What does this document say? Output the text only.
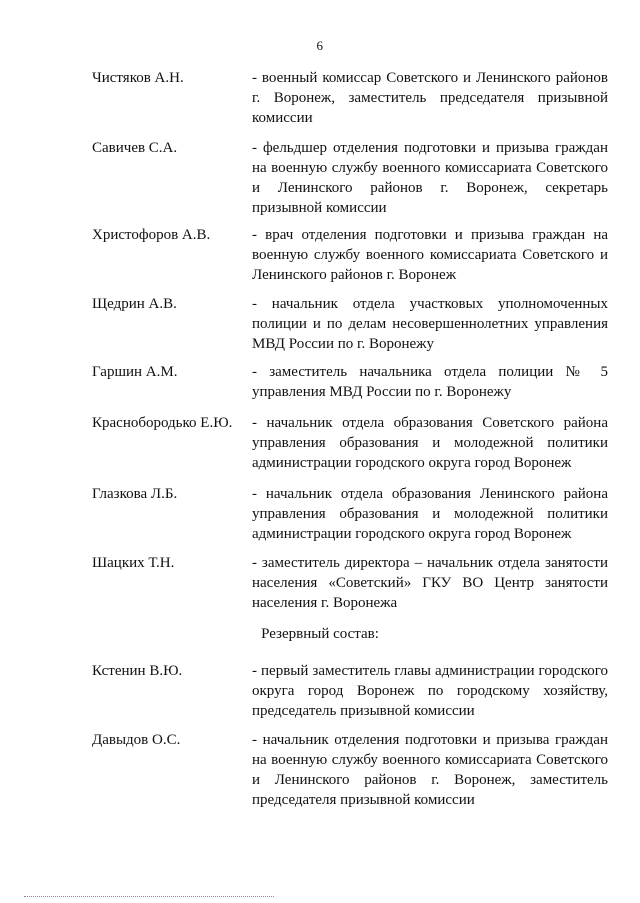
6
Чистяков А.Н.	- военный комиссар Советского и Ленинского районов г. Воронеж, заместитель председателя призывной комиссии
Савичев С.А.	- фельдшер отделения подготовки и призыва граждан на военную службу военного комиссариата Советского и Ленинского районов г. Воронеж, секретарь призывной комиссии
Христофоров А.В.	- врач отделения подготовки и призыва граждан на военную службу военного комиссариата Советского и Ленинского районов г. Воронеж
Щедрин А.В.	- начальник отдела участковых уполномоченных полиции и по делам несовершеннолетних управления МВД России по г. Воронежу
Гаршин А.М.	- заместитель начальника отдела полиции № 5 управления МВД России по г. Воронежу
Краснобородько Е.Ю. - начальник отдела образования Советского района управления образования и молодежной политики администрации городского округа город Воронеж
Глазкова Л.Б.	- начальник отдела образования Ленинского района управления образования и молодежной политики администрации городского округа город Воронеж
Шацких Т.Н.	- заместитель директора – начальник отдела занятости населения «Советский» ГКУ ВО Центр занятости населения г. Воронежа
Резервный состав:
Кстенин В.Ю.	- первый заместитель главы администрации городского округа город Воронеж по городскому хозяйству, председатель призывной комиссии
Давыдов О.С.	- начальник отделения подготовки и призыва граждан на военную службу военного комиссариата Советского и Ленинского районов г. Воронеж, заместитель председателя призывной комиссии
